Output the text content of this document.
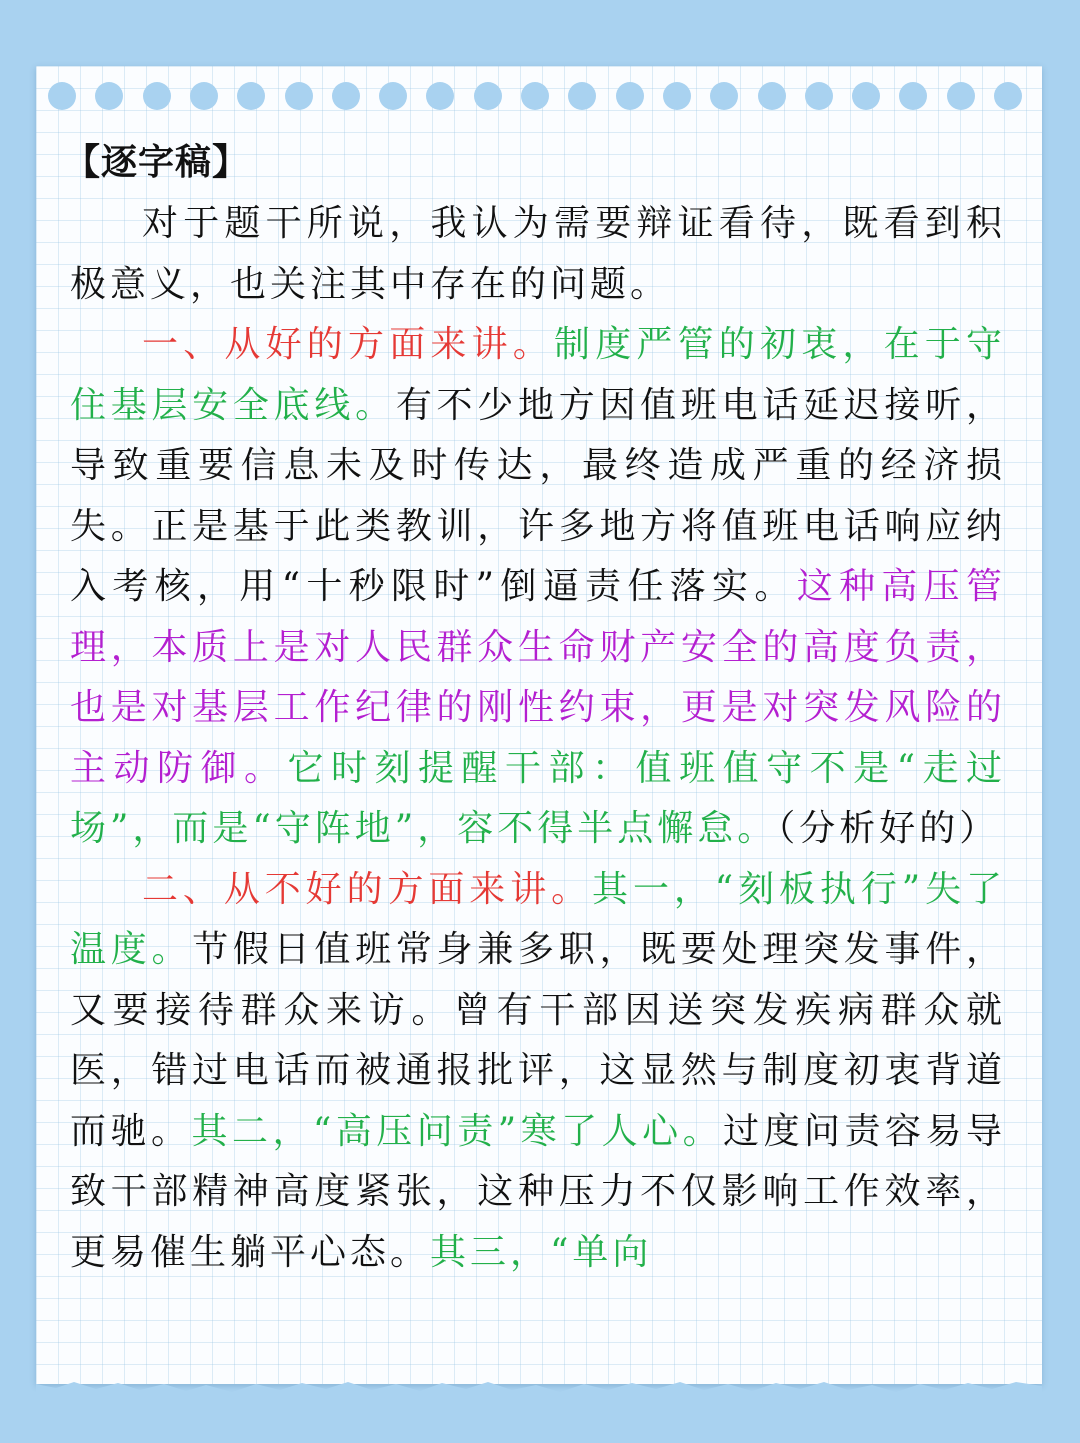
【逐字稿】

对于题干所说，我认为需要辩证看待，既看到积极意义，也关注其中存在的问题。

一、从好的方面来讲。制度严管的初衷，在于守住基层安全底线。有不少地方因值班电话延迟接听，导致重要信息未及时传达，最终造成严重的经济损失。正是基于此类教训，许多地方将值班电话响应纳入考核，用“十秒限时”倒逼责任落实。这种高压管理，本质上是对人民群众生命财产安全的高度负责，也是对基层工作纪律的刚性约束，更是对突发风险的主动防御。它时刻提醒干部：值班值守不是“走过场”，而是“守阵地”，容不得半点懈怠。（分析好的）

二、从不好的方面来讲。其一，“刻板执行”失了温度。节假日值班常身兼多职，既要处理突发事件，又要接待群众来访。曾有干部因送突发疾病群众就医，错过电话而被通报批评，这显然与制度初衷背道而驰。其二，“高压问责”寒了人心。过度问责容易导致干部精神高度紧张，这种压力不仅影响工作效率，更易催生躺平心态。其三，“单向
